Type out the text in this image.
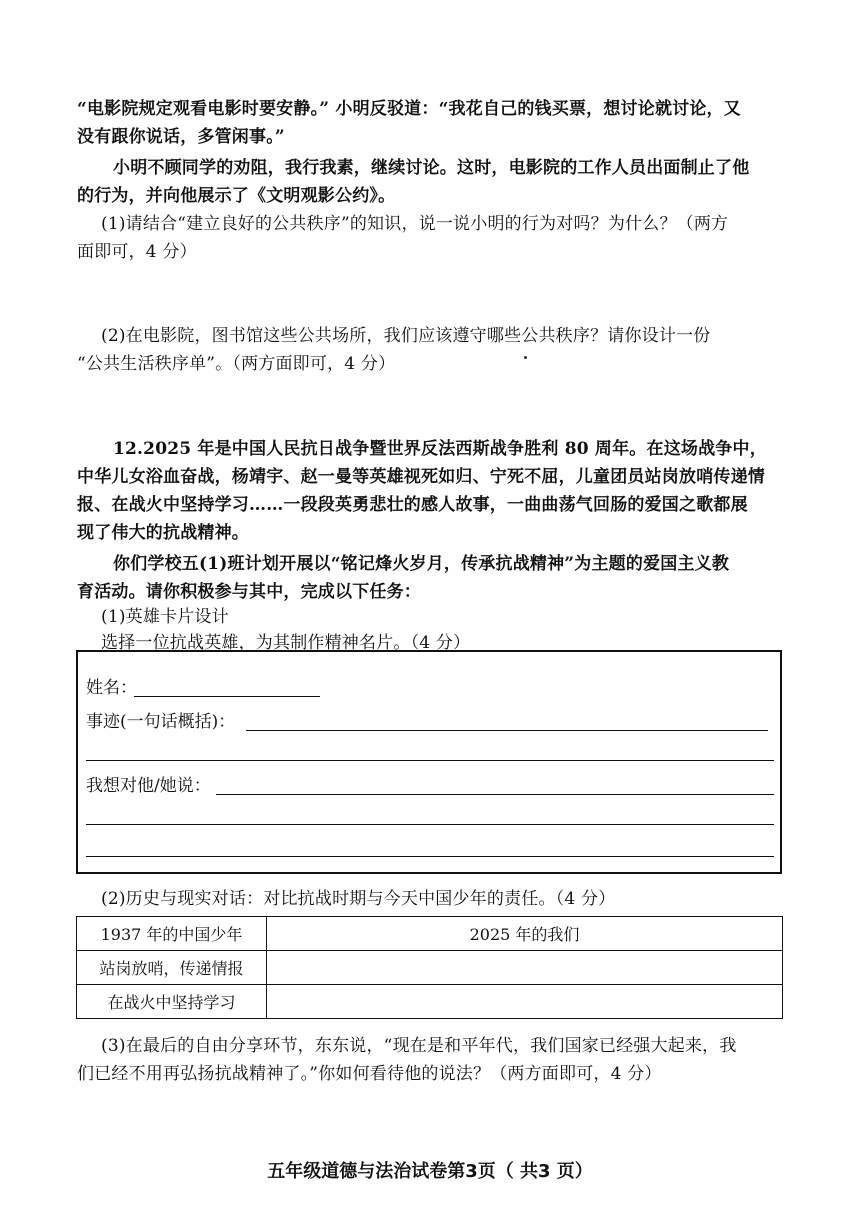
“电影院规定观看电影时要安静。” 小明反驳道：“我花自己的钱买票，想讨论就讨论，又
没有跟你说话，多管闲事。”
小明不顾同学的劝阻，我行我素，继续讨论。这时，电影院的工作人员出面制止了他
的行为，并向他展示了《文明观影公约》。
(1)请结合“建立良好的公共秩序”的知识，说一说小明的行为对吗？为什么？（两方
面即可，4 分）
(2)在电影院，图书馆这些公共场所，我们应该遵守哪些公共秩序？请你设计一份
“公共生活秩序单”。（两方面即可，4 分）
12.2025 年是中国人民抗日战争暨世界反法西斯战争胜利 80 周年。在这场战争中，
中华儿女浴血奋战，杨靖宇、赵一曼等英雄视死如归、宁死不屈，儿童团员站岗放哨传递情
报、在战火中坚持学习……一段段英勇悲壮的感人故事，一曲曲荡气回肠的爱国之歌都展
现了伟大的抗战精神。
你们学校五(1)班计划开展以“铭记烽火岁月，传承抗战精神”为主题的爱国主义教
育活动。请你积极参与其中，完成以下任务：
(1)英雄卡片设计
选择一位抗战英雄，为其制作精神名片。（4 分）
姓名：
事迹(一句话概括)：
我想对他/她说：
(2)历史与现实对话：对比抗战时期与今天中国少年的责任。（4 分）
1937 年的中国少年	2025 年的我们
站岗放哨，传递情报	
在战火中坚持学习	
(3)在最后的自由分享环节，东东说，“现在是和平年代，我们国家已经强大起来，我
们已经不用再弘扬抗战精神了。”你如何看待他的说法？（两方面即可，4 分）
五年级道德与法治试卷第3页（ 共3 页）
